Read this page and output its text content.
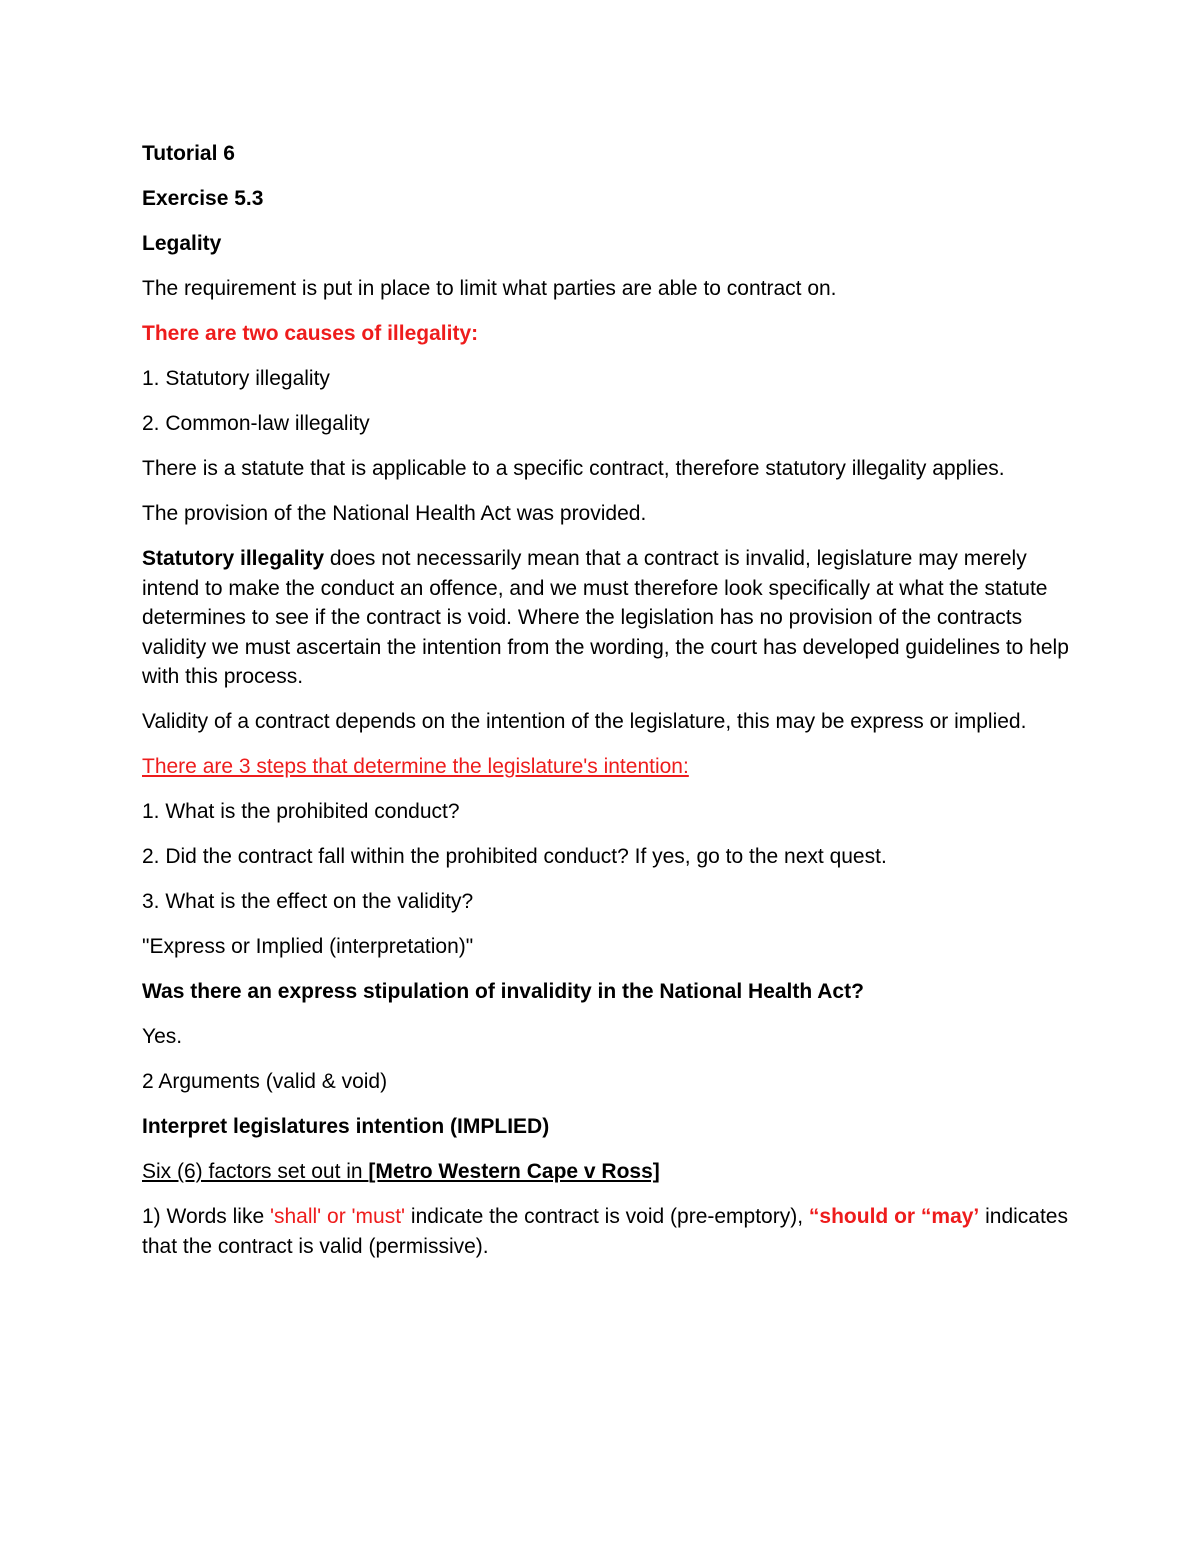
Tutorial 6

Exercise 5.3

Legality

The requirement is put in place to limit what parties are able to contract on.

There are two causes of illegality:

1. Statutory illegality

2. Common-law illegality

There is a statute that is applicable to a specific contract, therefore statutory illegality applies.

The provision of the National Health Act was provided.

Statutory illegality does not necessarily mean that a contract is invalid, legislature may merely intend to make the conduct an offence, and we must therefore look specifically at what the statute determines to see if the contract is void. Where the legislation has no provision of the contracts validity we must ascertain the intention from the wording, the court has developed guidelines to help with this process.

Validity of a contract depends on the intention of the legislature, this may be express or implied.

There are 3 steps that determine the legislature's intention:

1. What is the prohibited conduct?

2. Did the contract fall within the prohibited conduct? If yes, go to the next quest.

3. What is the effect on the validity?

"Express or Implied (interpretation)"

Was there an express stipulation of invalidity in the National Health Act?

Yes.

2 Arguments (valid & void)

Interpret legislatures intention (IMPLIED)

Six (6) factors set out in [Metro Western Cape v Ross]

1) Words like 'shall' or 'must' indicate the contract is void (pre-emptory), “should or “may’ indicates that the contract is valid (permissive).
